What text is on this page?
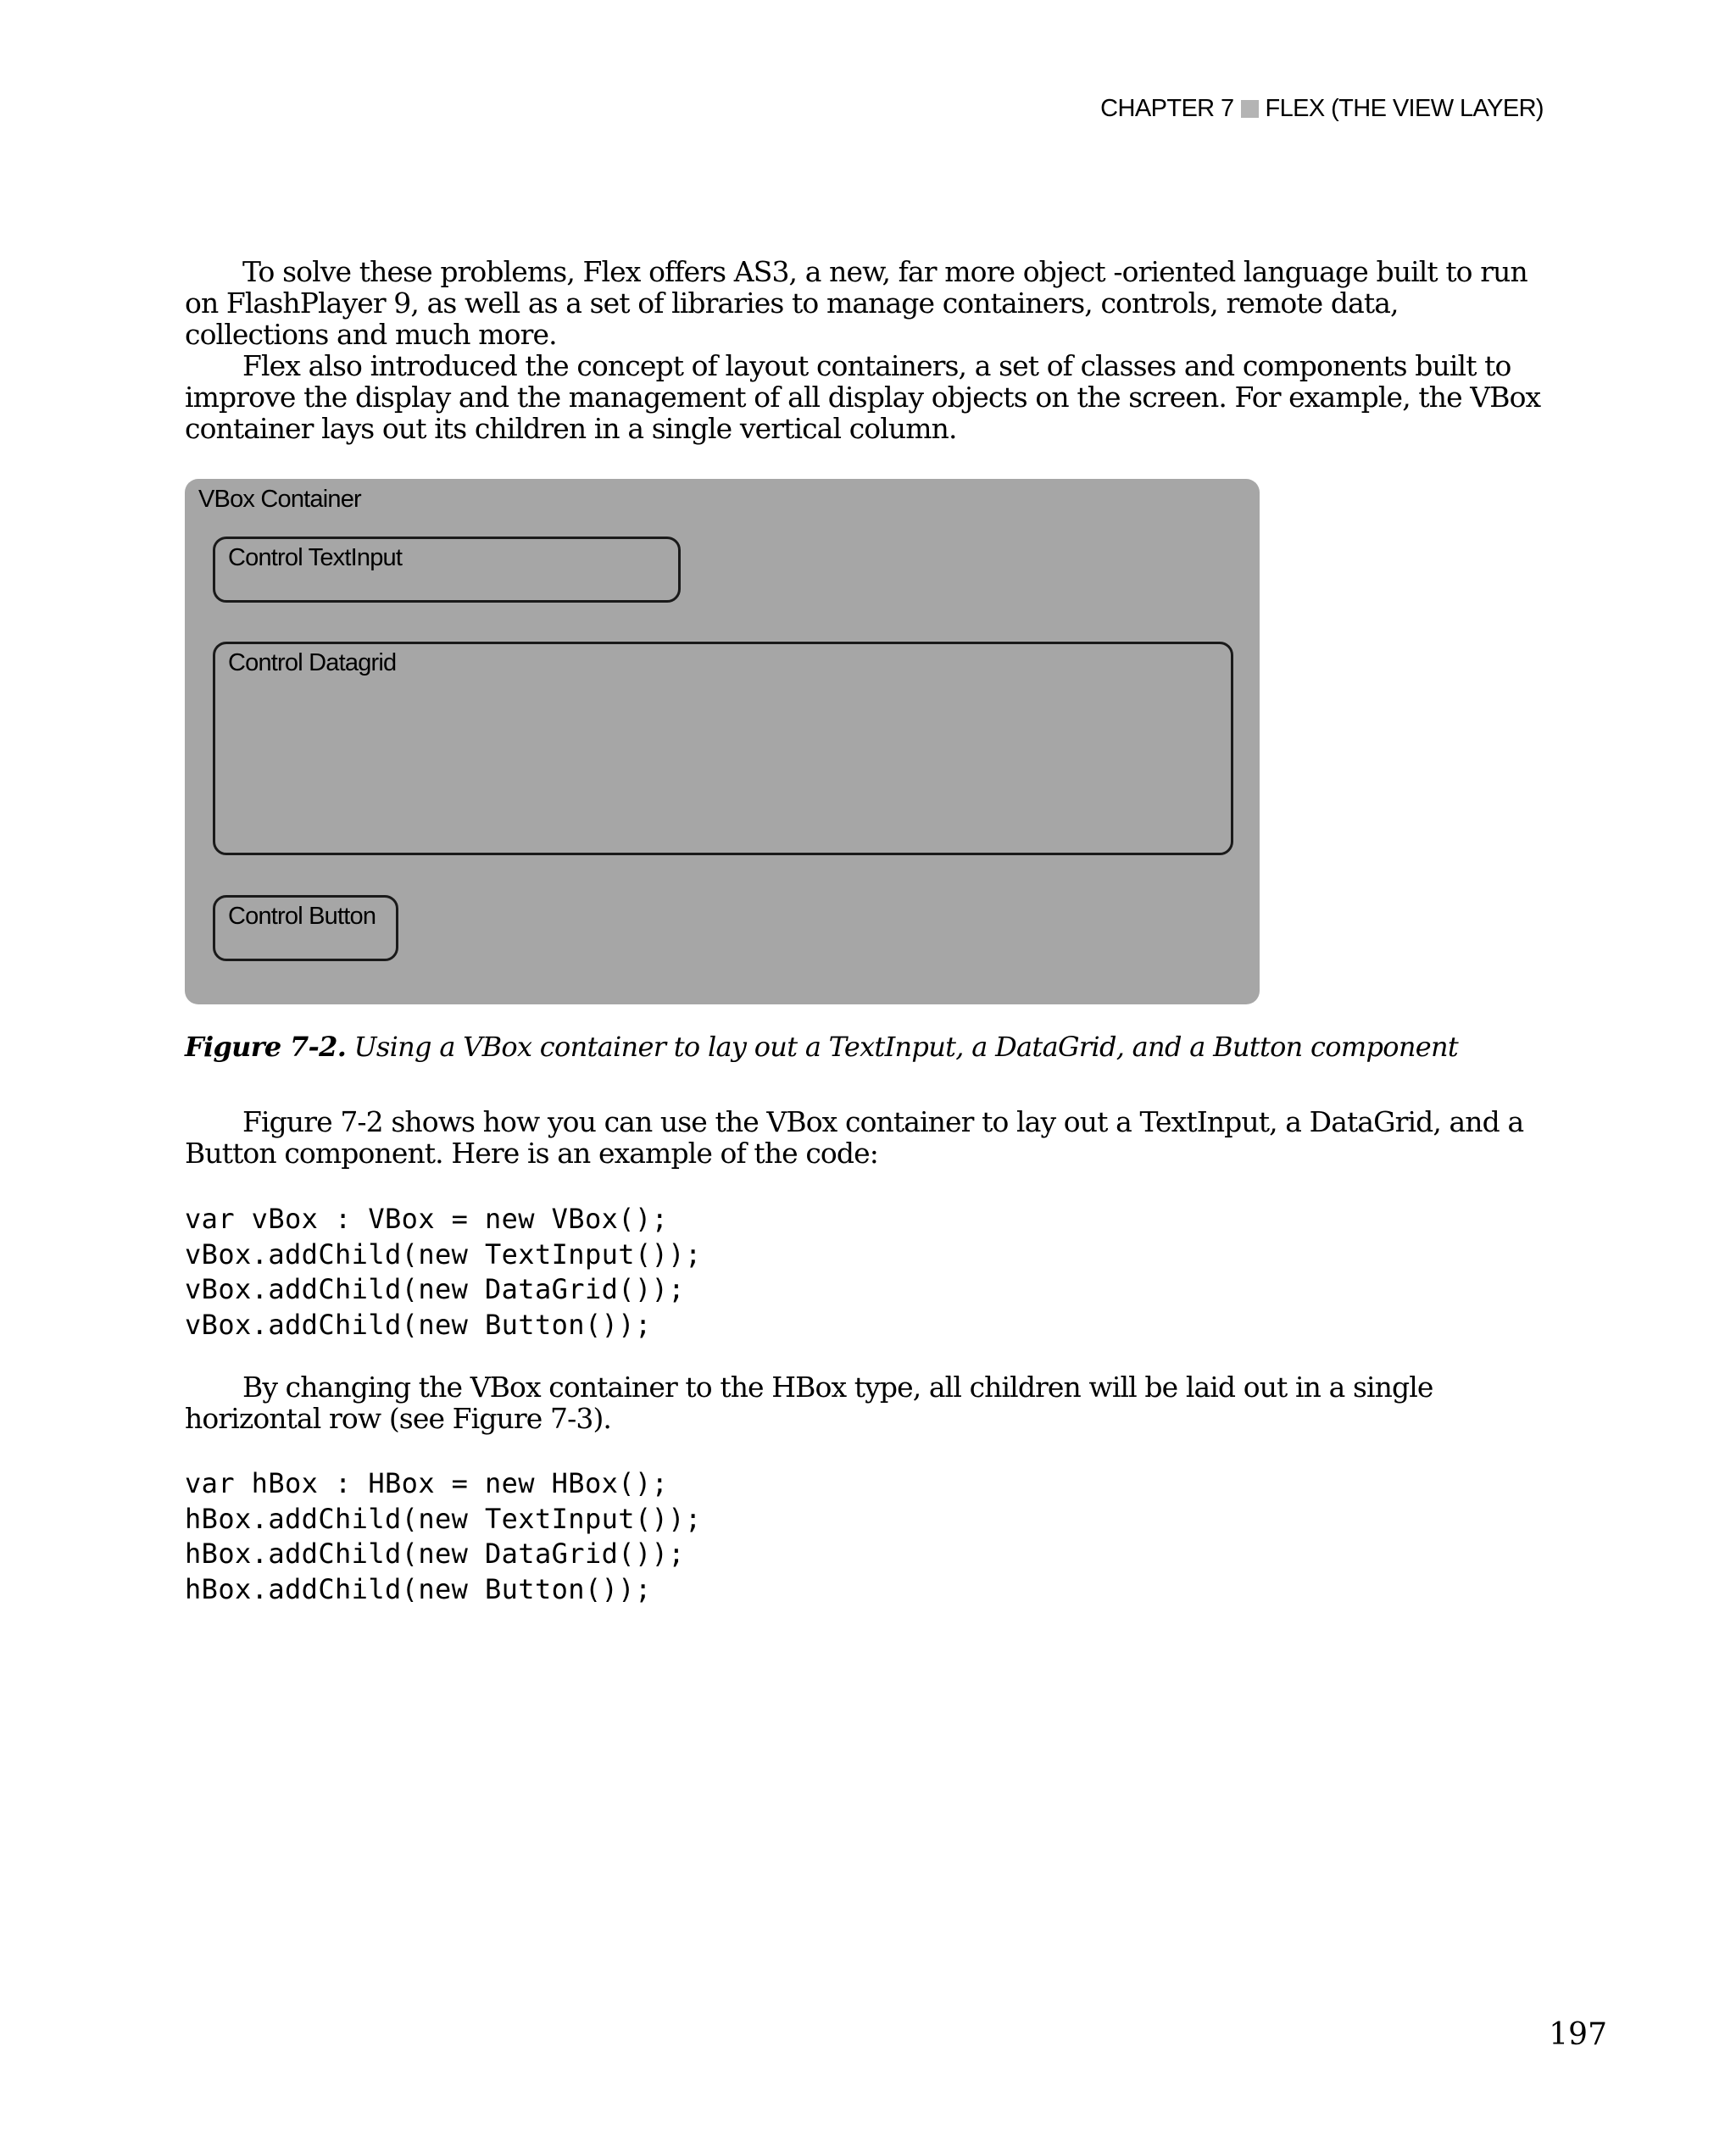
CHAPTER 7 FLEX (THE VIEW LAYER)

To solve these problems, Flex offers AS3, a new, far more object -oriented language built to run on FlashPlayer 9, as well as a set of libraries to manage containers, controls, remote data, collections and much more.

Flex also introduced the concept of layout containers, a set of classes and components built to improve the display and the management of all display objects on the screen. For example, the VBox container lays out its children in a single vertical column.

VBox Container
Control TextInput
Control Datagrid
Control Button

Figure 7-2. Using a VBox container to lay out a TextInput, a DataGrid, and a Button component

Figure 7-2 shows how you can use the VBox container to lay out a TextInput, a DataGrid, and a Button component. Here is an example of the code:

var vBox : VBox = new VBox();
vBox.addChild(new TextInput());
vBox.addChild(new DataGrid());
vBox.addChild(new Button());

By changing the VBox container to the HBox type, all children will be laid out in a single horizontal row (see Figure 7-3).

var hBox : HBox = new HBox();
hBox.addChild(new TextInput());
hBox.addChild(new DataGrid());
hBox.addChild(new Button());
197
